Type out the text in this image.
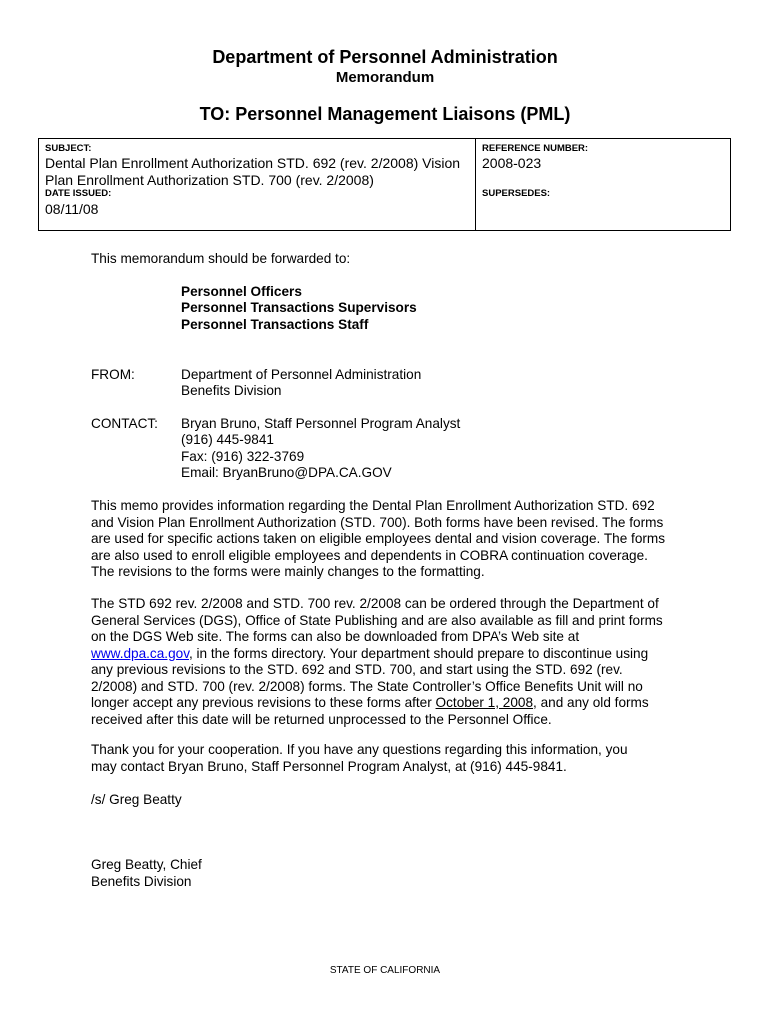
Department of Personnel Administration
Memorandum
TO: Personnel Management Liaisons (PML)
SUBJECT:
Dental Plan Enrollment Authorization STD. 692 (rev. 2/2008) Vision
Plan Enrollment Authorization STD. 700 (rev. 2/2008)
DATE ISSUED:
08/11/08
REFERENCE NUMBER:
2008-023
SUPERSEDES:
This memorandum should be forwarded to:
Personnel Officers
Personnel Transactions Supervisors
Personnel Transactions Staff
FROM:	Department of Personnel Administration
Benefits Division
CONTACT: Bryan Bruno, Staff Personnel Program Analyst
(916) 445-9841
Fax: (916) 322-3769
Email: BryanBruno@DPA.CA.GOV
This memo provides information regarding the Dental Plan Enrollment Authorization STD. 692
and Vision Plan Enrollment Authorization (STD. 700). Both forms have been revised. The forms
are used for specific actions taken on eligible employees dental and vision coverage. The forms
are also used to enroll eligible employees and dependents in COBRA continuation coverage.
The revisions to the forms were mainly changes to the formatting.
The STD 692 rev. 2/2008 and STD. 700 rev. 2/2008 can be ordered through the Department of
General Services (DGS), Office of State Publishing and are also available as fill and print forms
on the DGS Web site. The forms can also be downloaded from DPA’s Web site at
www.dpa.ca.gov, in the forms directory. Your department should prepare to discontinue using
any previous revisions to the STD. 692 and STD. 700, and start using the STD. 692 (rev.
2/2008) and STD. 700 (rev. 2/2008) forms. The State Controller’s Office Benefits Unit will no
longer accept any previous revisions to these forms after October 1, 2008, and any old forms
received after this date will be returned unprocessed to the Personnel Office.
Thank you for your cooperation. If you have any questions regarding this information, you
may contact Bryan Bruno, Staff Personnel Program Analyst, at (916) 445-9841.
/s/ Greg Beatty
Greg Beatty, Chief
Benefits Division
STATE OF CALIFORNIA
